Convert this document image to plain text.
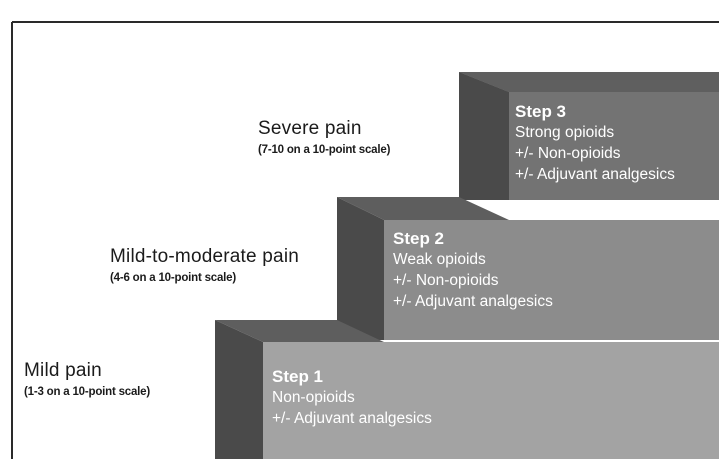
Severe pain
(7-10 on a 10-point scale)
Mild-to-moderate pain
(4-6 on a 10-point scale)
Mild pain
(1-3 on a 10-point scale)
Step 3
Strong opioids
+/- Non-opioids
+/- Adjuvant analgesics
Step 2
Weak opioids
+/- Non-opioids
+/- Adjuvant analgesics
Step 1
Non-opioids
+/- Adjuvant analgesics
